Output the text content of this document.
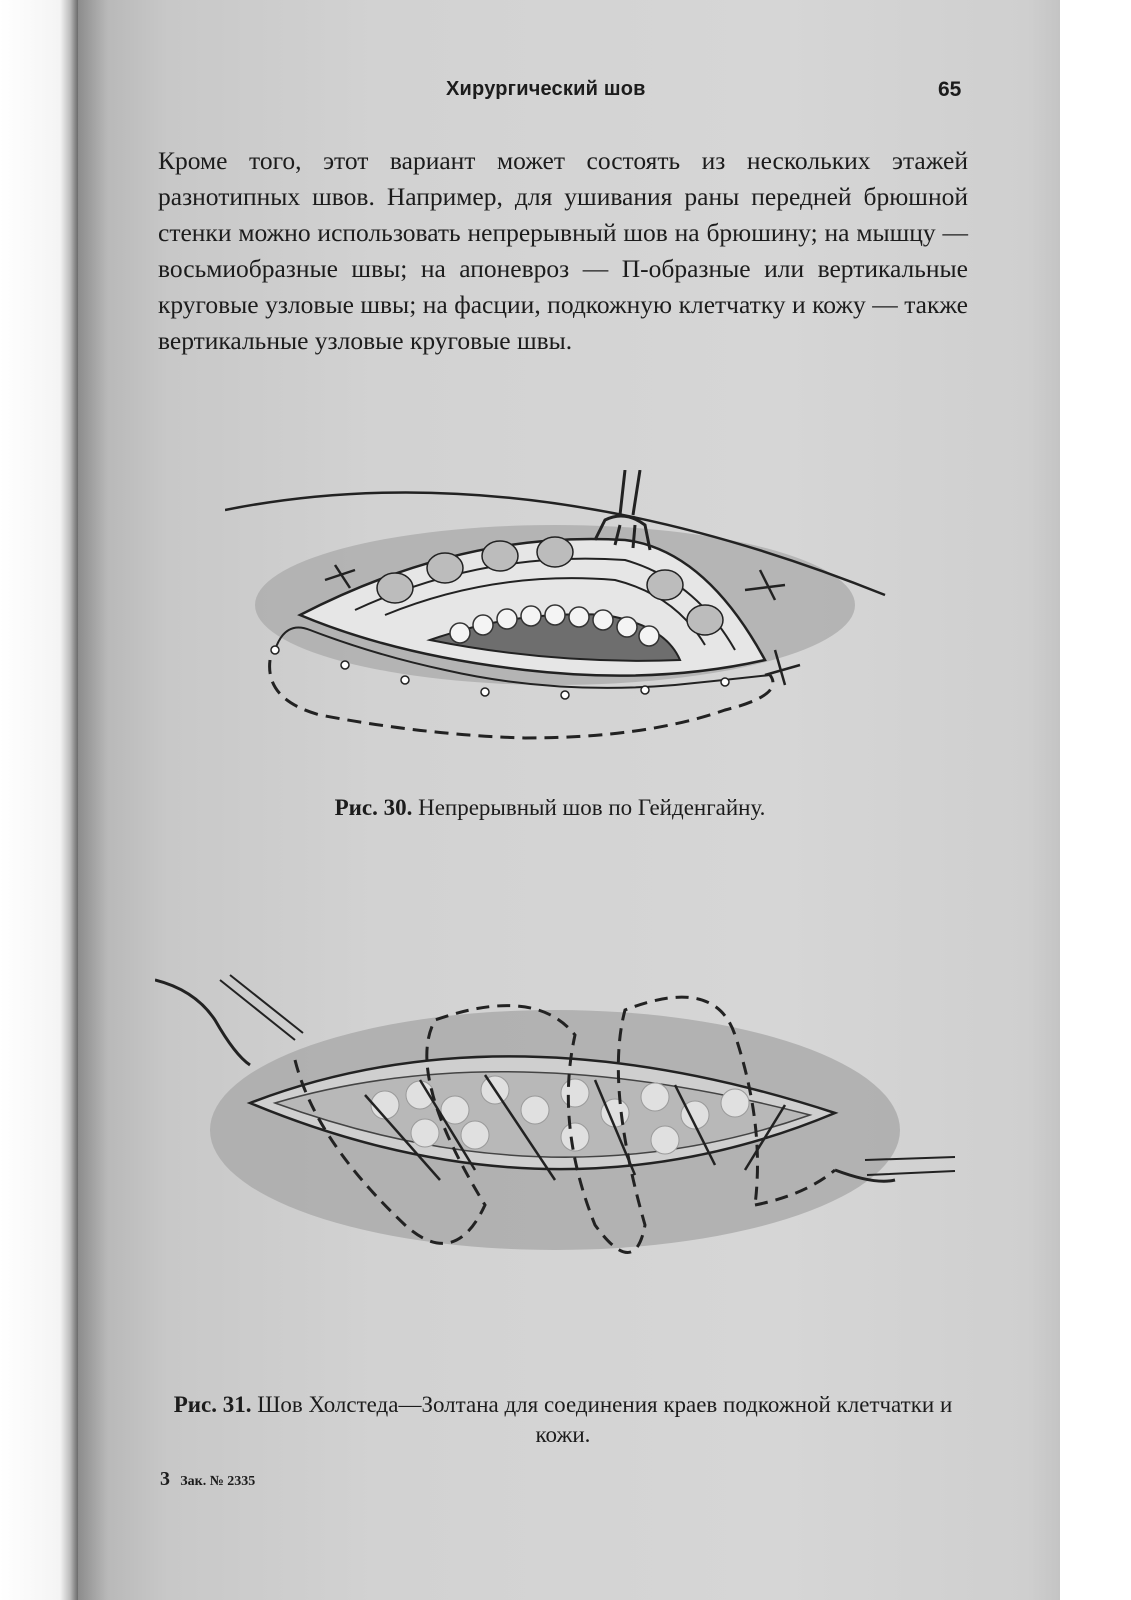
Хирургический шов	65

Кроме того, этот вариант может состоять из нескольких этажей разнотипных швов. Например, для ушивания раны передней брюшной стенки можно использовать непрерывный шов на брюшину; на мышцу — восьмиобразные швы; на апоневроз — П-образные или вертикальные круговые узловые швы; на фасции, подкожную клетчатку и кожу — также вертикальные узловые круговые швы.

Рис. 30. Непрерывный шов по Гейденгайну.
Рис. 31. Шов Холстеда—Золтана для соединения краев подкожной клетчатки и кожи.
3 Зак. № 2335
